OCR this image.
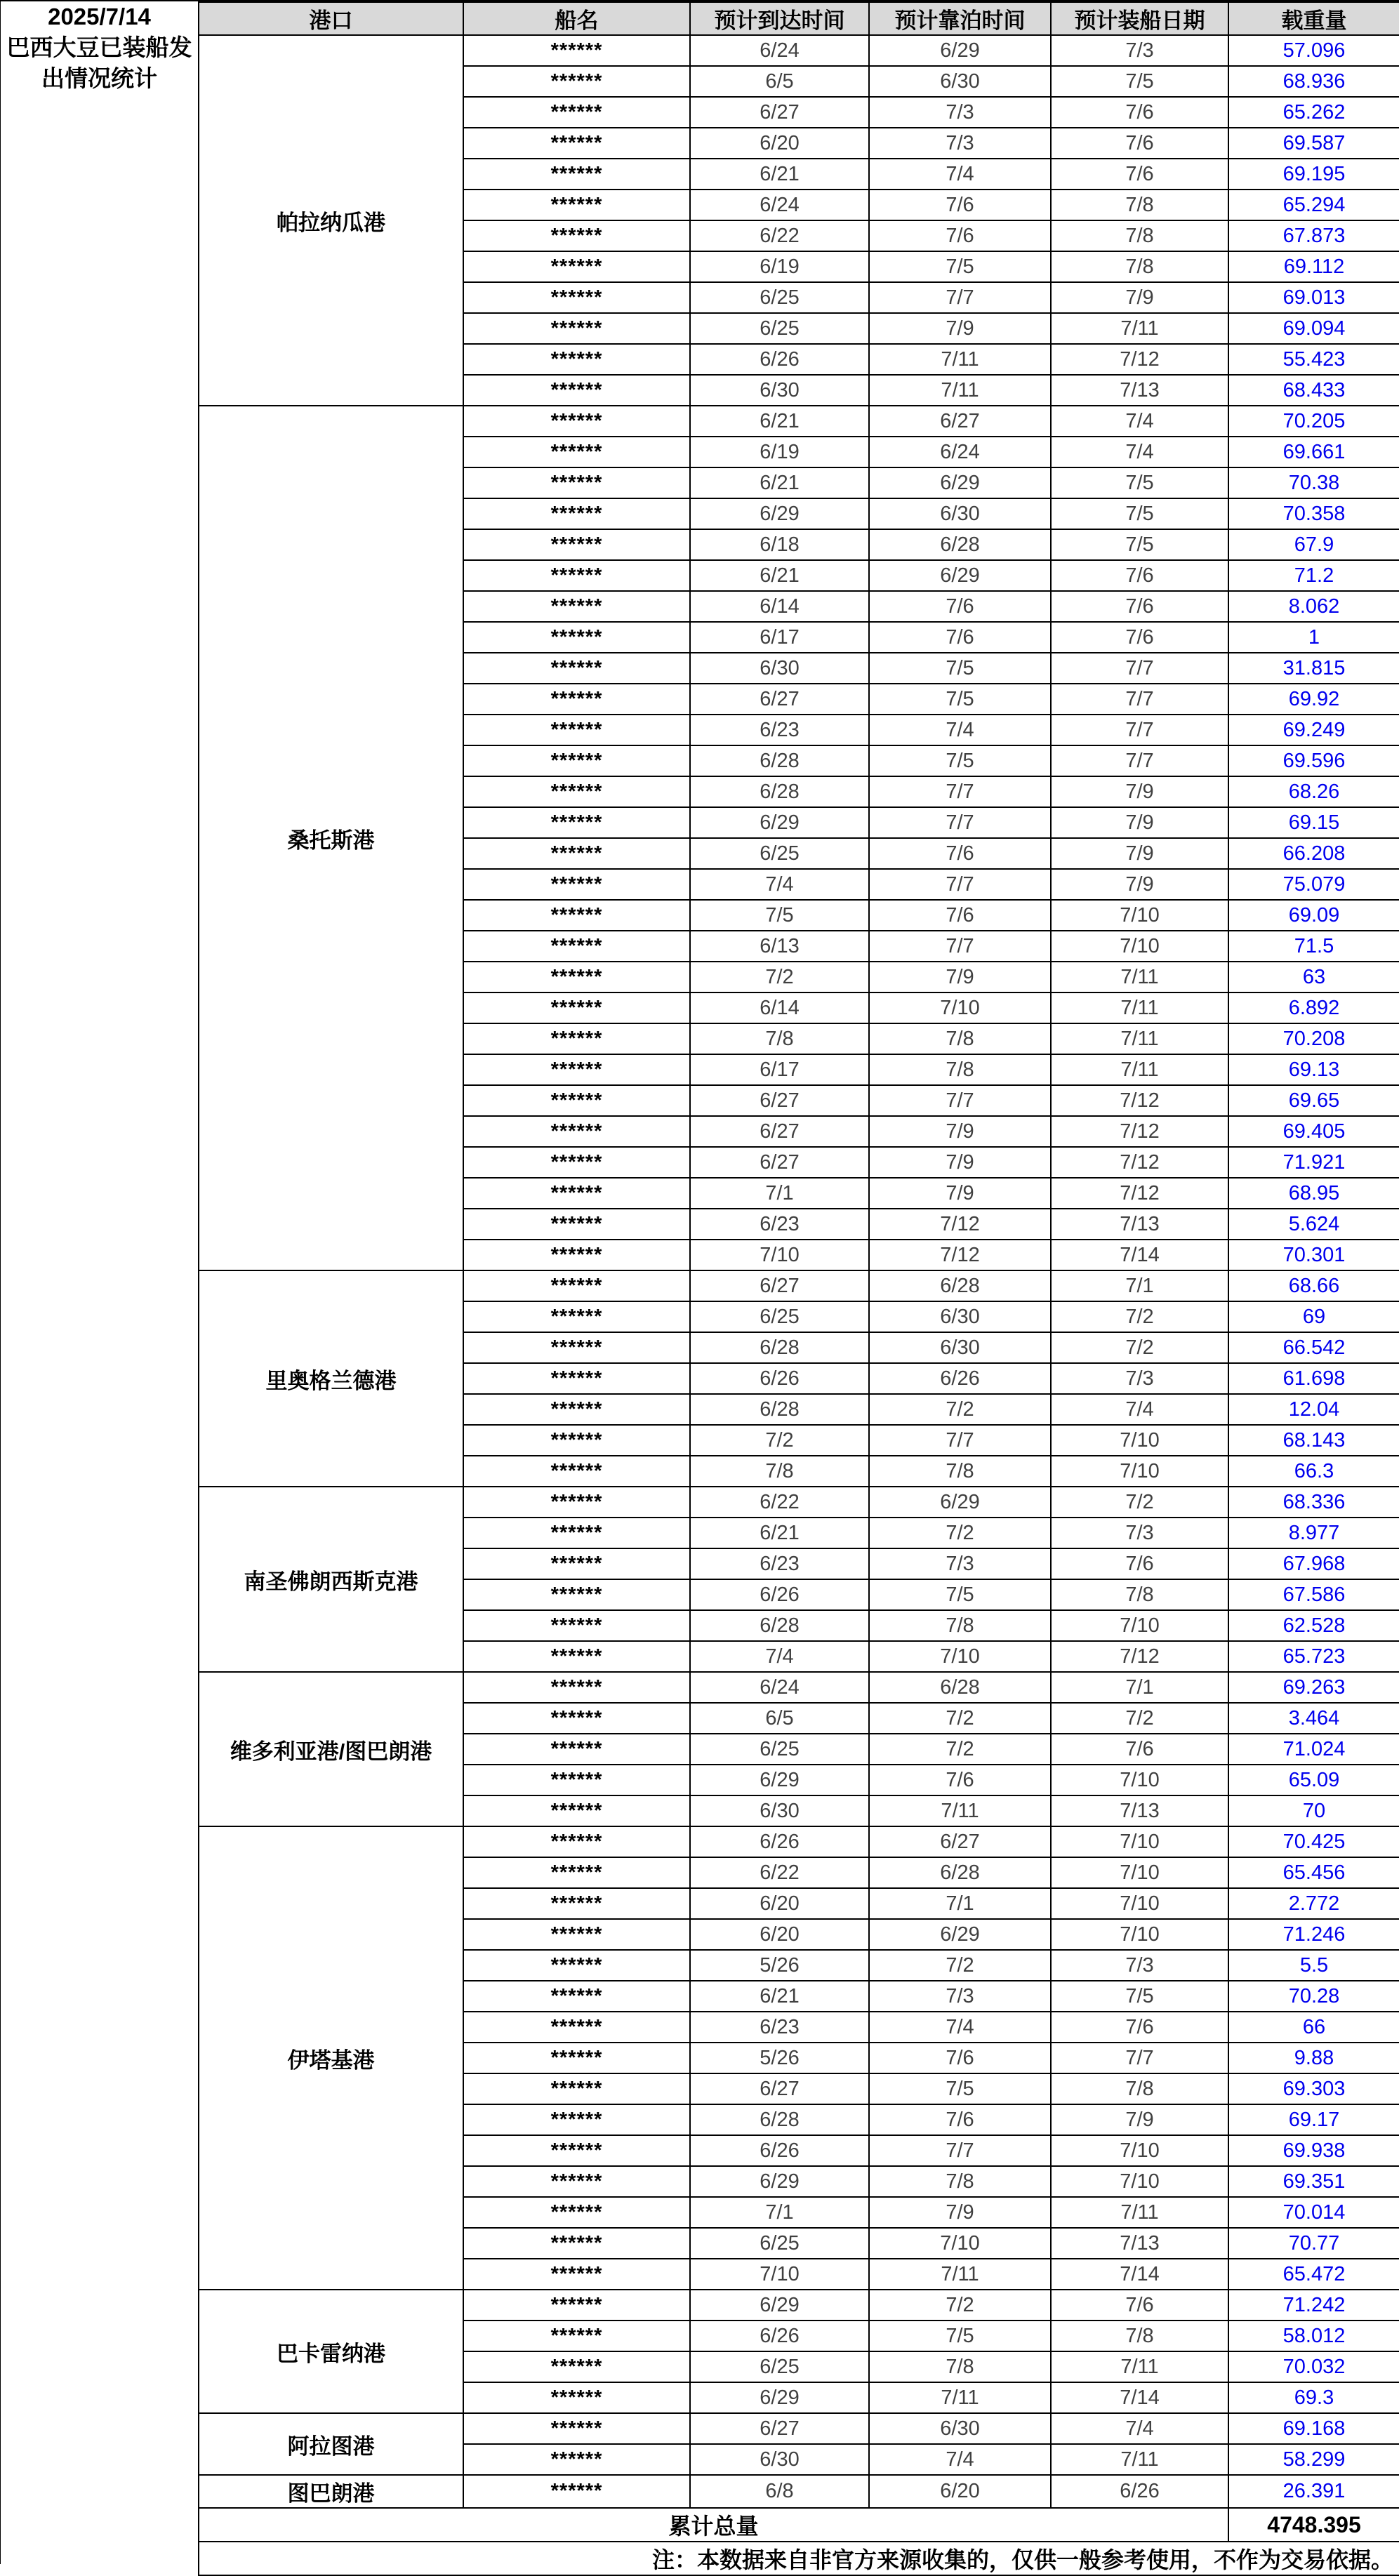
2025/7/14
巴西大豆已装船发
出情况统计
港口	船名	预计到达时间	预计靠泊时间	预计装船日期	载重量
帕拉纳瓜港	******	6/24	6/29	7/3	57.096
	******	6/5	6/30	7/5	68.936
	******	6/27	7/3	7/6	65.262
	******	6/20	7/3	7/6	69.587
	******	6/21	7/4	7/6	69.195
	******	6/24	7/6	7/8	65.294
	******	6/22	7/6	7/8	67.873
	******	6/19	7/5	7/8	69.112
	******	6/25	7/7	7/9	69.013
	******	6/25	7/9	7/11	69.094
	******	6/26	7/11	7/12	55.423
	******	6/30	7/11	7/13	68.433
桑托斯港	******	6/21	6/27	7/4	70.205
	******	6/19	6/24	7/4	69.661
	******	6/21	6/29	7/5	70.38
	******	6/29	6/30	7/5	70.358
	******	6/18	6/28	7/5	67.9
	******	6/21	6/29	7/6	71.2
	******	6/14	7/6	7/6	8.062
	******	6/17	7/6	7/6	1
	******	6/30	7/5	7/7	31.815
	******	6/27	7/5	7/7	69.92
	******	6/23	7/4	7/7	69.249
	******	6/28	7/5	7/7	69.596
	******	6/28	7/7	7/9	68.26
	******	6/29	7/7	7/9	69.15
	******	6/25	7/6	7/9	66.208
	******	7/4	7/7	7/9	75.079
	******	7/5	7/6	7/10	69.09
	******	6/13	7/7	7/10	71.5
	******	7/2	7/9	7/11	63
	******	6/14	7/10	7/11	6.892
	******	7/8	7/8	7/11	70.208
	******	6/17	7/8	7/11	69.13
	******	6/27	7/7	7/12	69.65
	******	6/27	7/9	7/12	69.405
	******	6/27	7/9	7/12	71.921
	******	7/1	7/9	7/12	68.95
	******	6/23	7/12	7/13	5.624
	******	7/10	7/12	7/14	70.301
里奥格兰德港	******	6/27	6/28	7/1	68.66
	******	6/25	6/30	7/2	69
	******	6/28	6/30	7/2	66.542
	******	6/26	6/26	7/3	61.698
	******	6/28	7/2	7/4	12.04
	******	7/2	7/7	7/10	68.143
	******	7/8	7/8	7/10	66.3
南圣佛朗西斯克港	******	6/22	6/29	7/2	68.336
	******	6/21	7/2	7/3	8.977
	******	6/23	7/3	7/6	67.968
	******	6/26	7/5	7/8	67.586
	******	6/28	7/8	7/10	62.528
	******	7/4	7/10	7/12	65.723
维多利亚港/图巴朗港	******	6/24	6/28	7/1	69.263
	******	6/5	7/2	7/2	3.464
	******	6/25	7/2	7/6	71.024
	******	6/29	7/6	7/10	65.09
	******	6/30	7/11	7/13	70
伊塔基港	******	6/26	6/27	7/10	70.425
	******	6/22	6/28	7/10	65.456
	******	6/20	7/1	7/10	2.772
	******	6/20	6/29	7/10	71.246
	******	5/26	7/2	7/3	5.5
	******	6/21	7/3	7/5	70.28
	******	6/23	7/4	7/6	66
	******	5/26	7/6	7/7	9.88
	******	6/27	7/5	7/8	69.303
	******	6/28	7/6	7/9	69.17
	******	6/26	7/7	7/10	69.938
	******	6/29	7/8	7/10	69.351
	******	7/1	7/9	7/11	70.014
	******	6/25	7/10	7/13	70.77
	******	7/10	7/11	7/14	65.472
巴卡雷纳港	******	6/29	7/2	7/6	71.242
	******	6/26	7/5	7/8	58.012
	******	6/25	7/8	7/11	70.032
	******	6/29	7/11	7/14	69.3
阿拉图港	******	6/27	6/30	7/4	69.168
	******	6/30	7/4	7/11	58.299
图巴朗港	******	6/8	6/20	6/26	26.391
累计总量					4748.395
注：本数据来自非官方来源收集的，仅供一般参考使用，不作为交易依据。					
